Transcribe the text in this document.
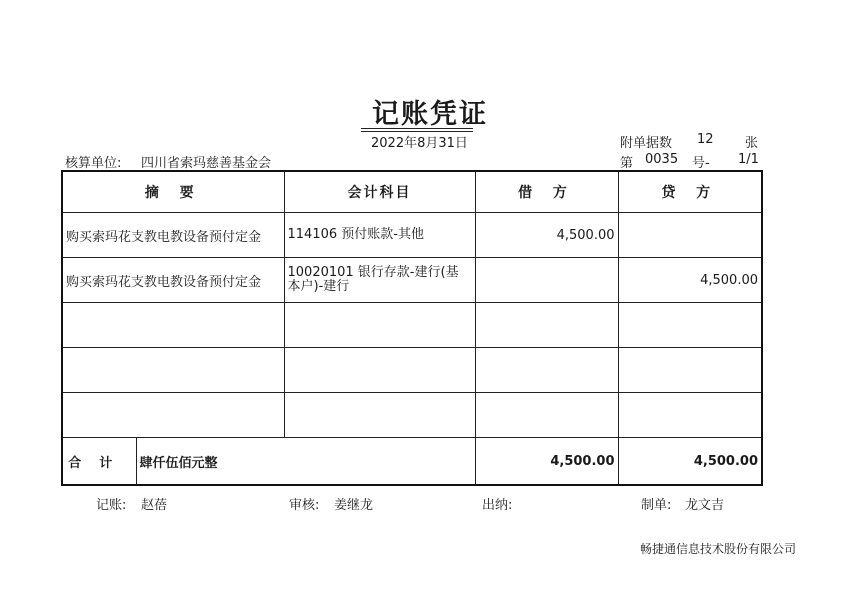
记账凭证
2022年8月31日	附单据数 12 张
核算单位: 四川省索玛慈善基金会	第 0035 号- 1/1
摘 要		会计科目	借 方	贷 方
购买索玛花支教电教设备预付定金		114106 预付账款-其他	4,500.00	
购买索玛花支教电教设备预付定金		10020101 银行存款-建行(基本户)-建行		4,500.00

合计	肆仟伍佰元整		4,500.00	4,500.00
记账: 赵蓓	审核: 姜继龙	出纳:	制单: 龙文吉
畅捷通信息技术股份有限公司
